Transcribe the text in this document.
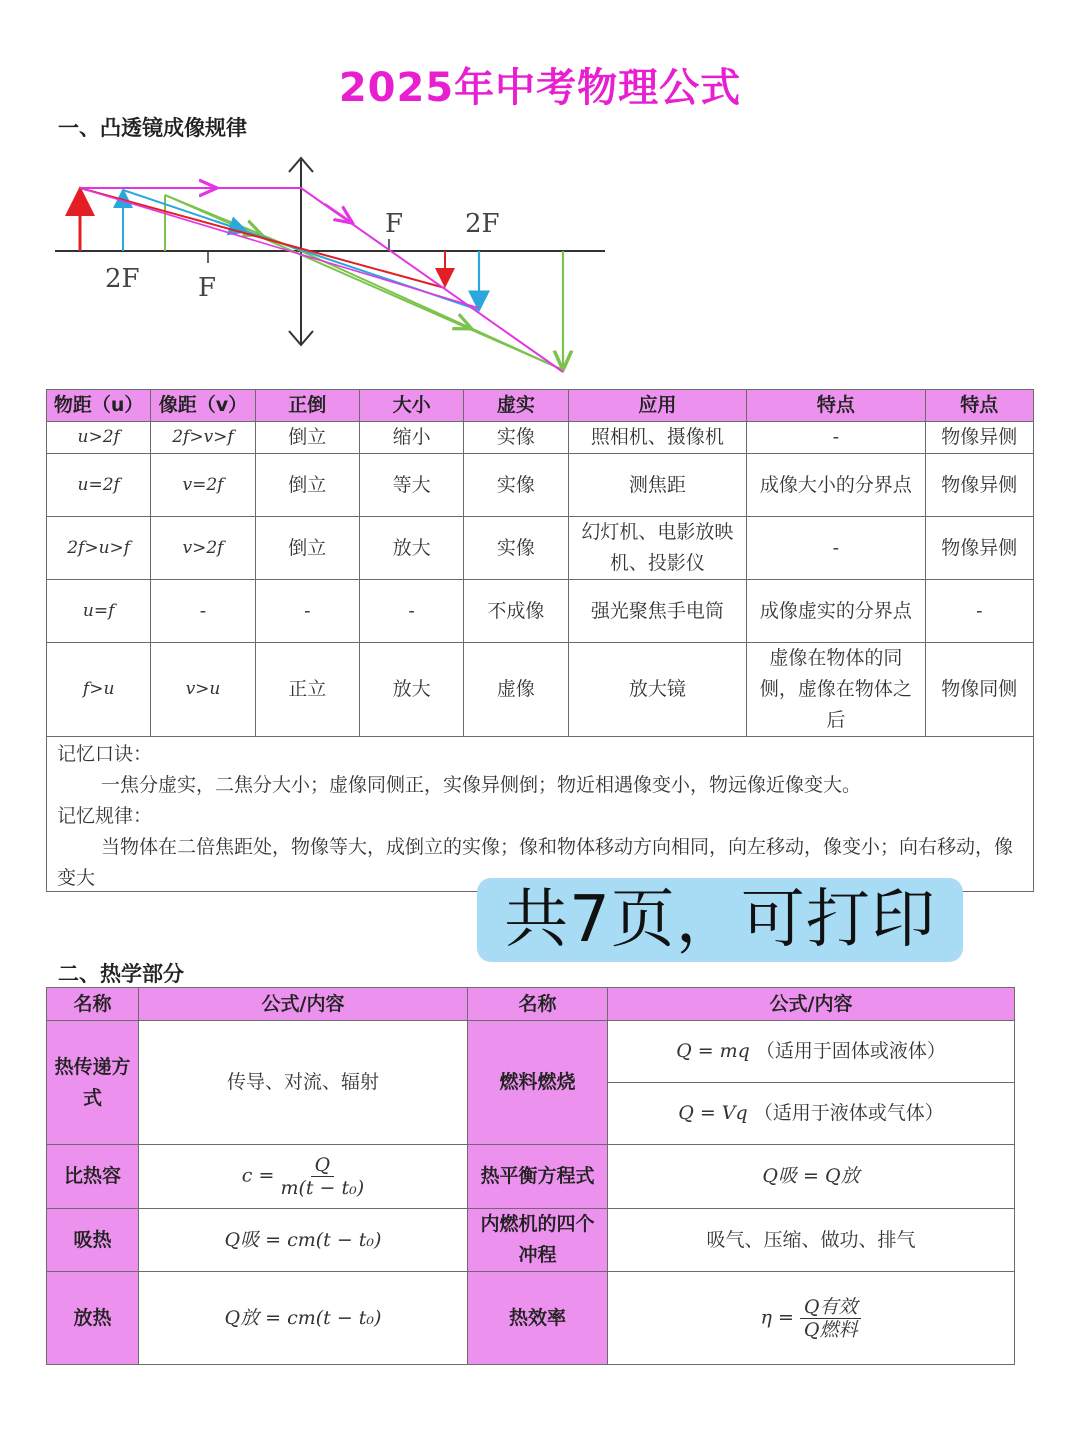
2025年中考物理公式
一、凸透镜成像规律
2F F
F 2F
物距（u）	像距（v）	正倒	大小	虚实	应用	特点	特点
u>2f	2f>v>f	倒立	缩小	实像	照相机、摄像机	-	物像异侧
u=2f	v=2f	倒立	等大	实像	测焦距	成像大小的分界点	物像异侧
2f>u>f	v>2f	倒立	放大	实像	幻灯机、电影放映机、投影仪	-	物像异侧
u=f	-	-	-	不成像	强光聚焦手电筒	成像虚实的分界点	-
f>u	v>u	正立	放大	虚像	放大镜	虚像在物体的同侧，虚像在物体之后	物像同侧
记忆口诀：
一焦分虚实，二焦分大小；虚像同侧正，实像异侧倒；物近相遇像变小，物远像近像变大。
记忆规律：
当物体在二倍焦距处，物像等大，成倒立的实像；像和物体移动方向相同，向左移动，像变小；向右移动，像变大
共7页，可打印
二、热学部分
名称	公式/内容	名称	公式/内容
热传递方式	传导、对流、辐射	燃料燃烧	Q = mq （适用于固体或液体）
			Q = Vq （适用于液体或气体）
比热容	$c = \frac{Q}{\text{m(t − t₀)}}$	热平衡方程式	Q吸 = Q放
吸热	Q吸 = cm(t − t₀)	内燃机的四个冲程	吸气、压缩、做功、排气
放热	Q放 = cm(t − t₀)	热效率	$\eta = \frac{\text{Q有效}}{\text{Q燃料}}$
